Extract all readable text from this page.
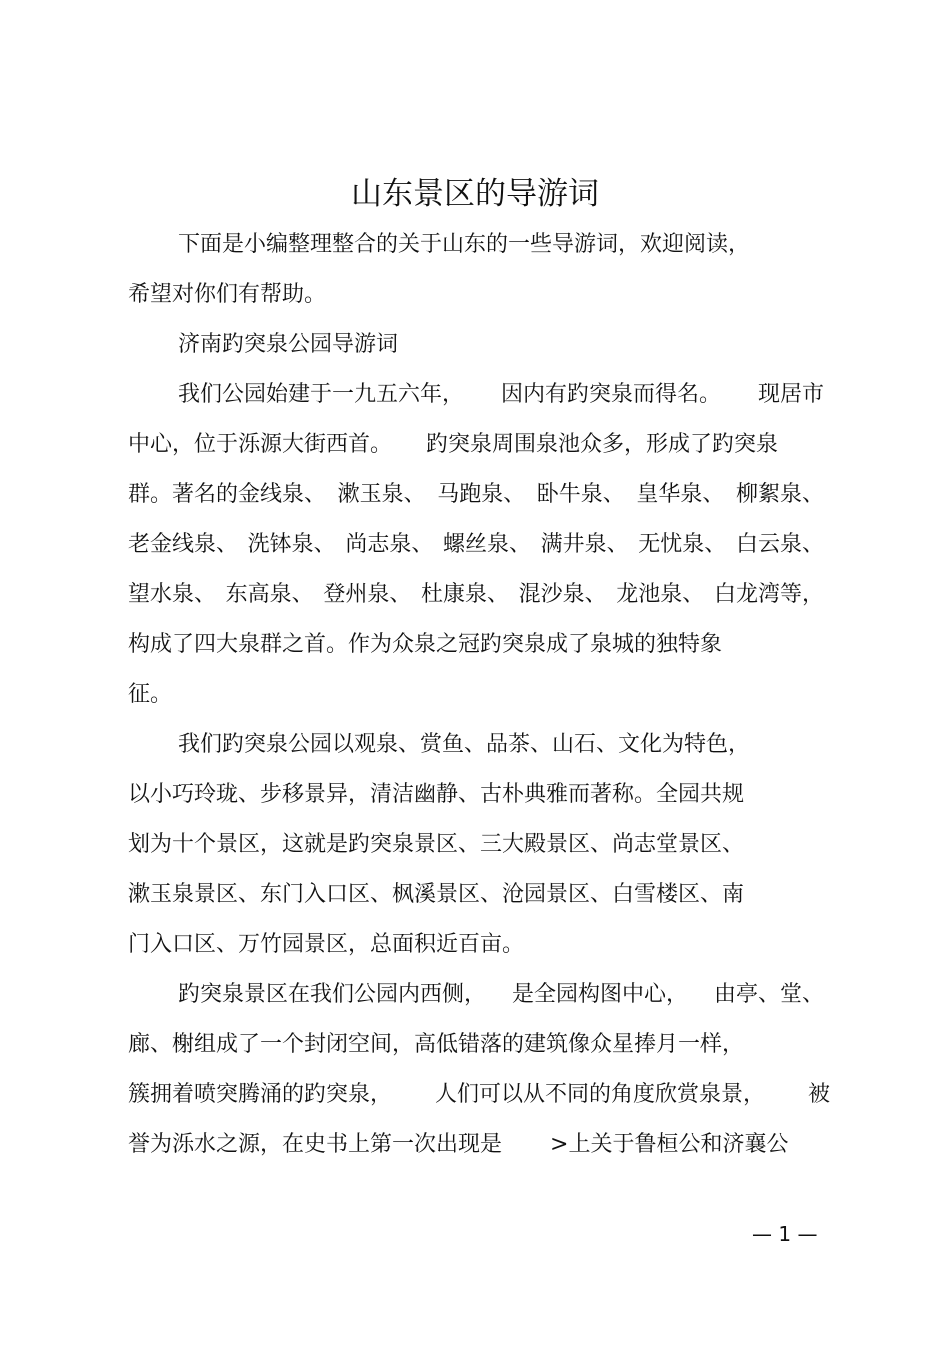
山东景区的导游词
下面是小编整理整合的关于山东的一些导游词，欢迎阅读，
希望对你们有帮助。
济南趵突泉公园导游词
我们公园始建于一九五六年， 因内有趵突泉而得名。 现居市
中心，位于泺源大街西首。 趵突泉周围泉池众多，形成了趵突泉
群。著名的金线泉、 漱玉泉、 马跑泉、 卧牛泉、 皇华泉、 柳絮泉、
老金线泉、 洗钵泉、 尚志泉、 螺丝泉、 满井泉、 无忧泉、 白云泉、
望水泉、 东高泉、 登州泉、 杜康泉、 混沙泉、 龙池泉、 白龙湾等，
构成了四大泉群之首。作为众泉之冠趵突泉成了泉城的独特象
征。
我们趵突泉公园以观泉、赏鱼、品茶、山石、文化为特色，
以小巧玲珑、步移景异，清洁幽静、古朴典雅而著称。全园共规
划为十个景区，这就是趵突泉景区、三大殿景区、尚志堂景区、
漱玉泉景区、东门入口区、枫溪景区、沧园景区、白雪楼区、南
门入口区、万竹园景区，总面积近百亩。
趵突泉景区在我们公园内西侧， 是全园构图中心， 由亭、堂、
廊、榭组成了一个封闭空间，高低错落的建筑像众星捧月一样，
簇拥着喷突腾涌的趵突泉， 人们可以从不同的角度欣赏泉景， 被
誉为泺水之源，在史书上第一次出现是 >上关于鲁桓公和济襄公
— 1 —
